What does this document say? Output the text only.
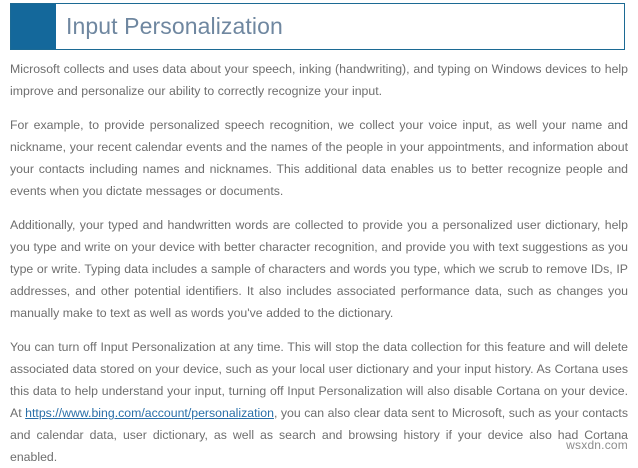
Input Personalization

Microsoft collects and uses data about your speech, inking (handwriting), and typing on Windows devices to help improve and personalize our ability to correctly recognize your input.

For example, to provide personalized speech recognition, we collect your voice input, as well your name and nickname, your recent calendar events and the names of the people in your appointments, and information about your contacts including names and nicknames. This additional data enables us to better recognize people and events when you dictate messages or documents.

Additionally, your typed and handwritten words are collected to provide you a personalized user dictionary, help you type and write on your device with better character recognition, and provide you with text suggestions as you type or write. Typing data includes a sample of characters and words you type, which we scrub to remove IDs, IP addresses, and other potential identifiers. It also includes associated performance data, such as changes you manually make to text as well as words you've added to the dictionary.

You can turn off Input Personalization at any time. This will stop the data collection for this feature and will delete associated data stored on your device, such as your local user dictionary and your input history. As Cortana uses this data to help understand your input, turning off Input Personalization will also disable Cortana on your device. At https://www.bing.com/account/personalization, you can also clear data sent to Microsoft, such as your contacts and calendar data, user dictionary, as well as search and browsing history if your device also had Cortana enabled.

wsxdn.com
